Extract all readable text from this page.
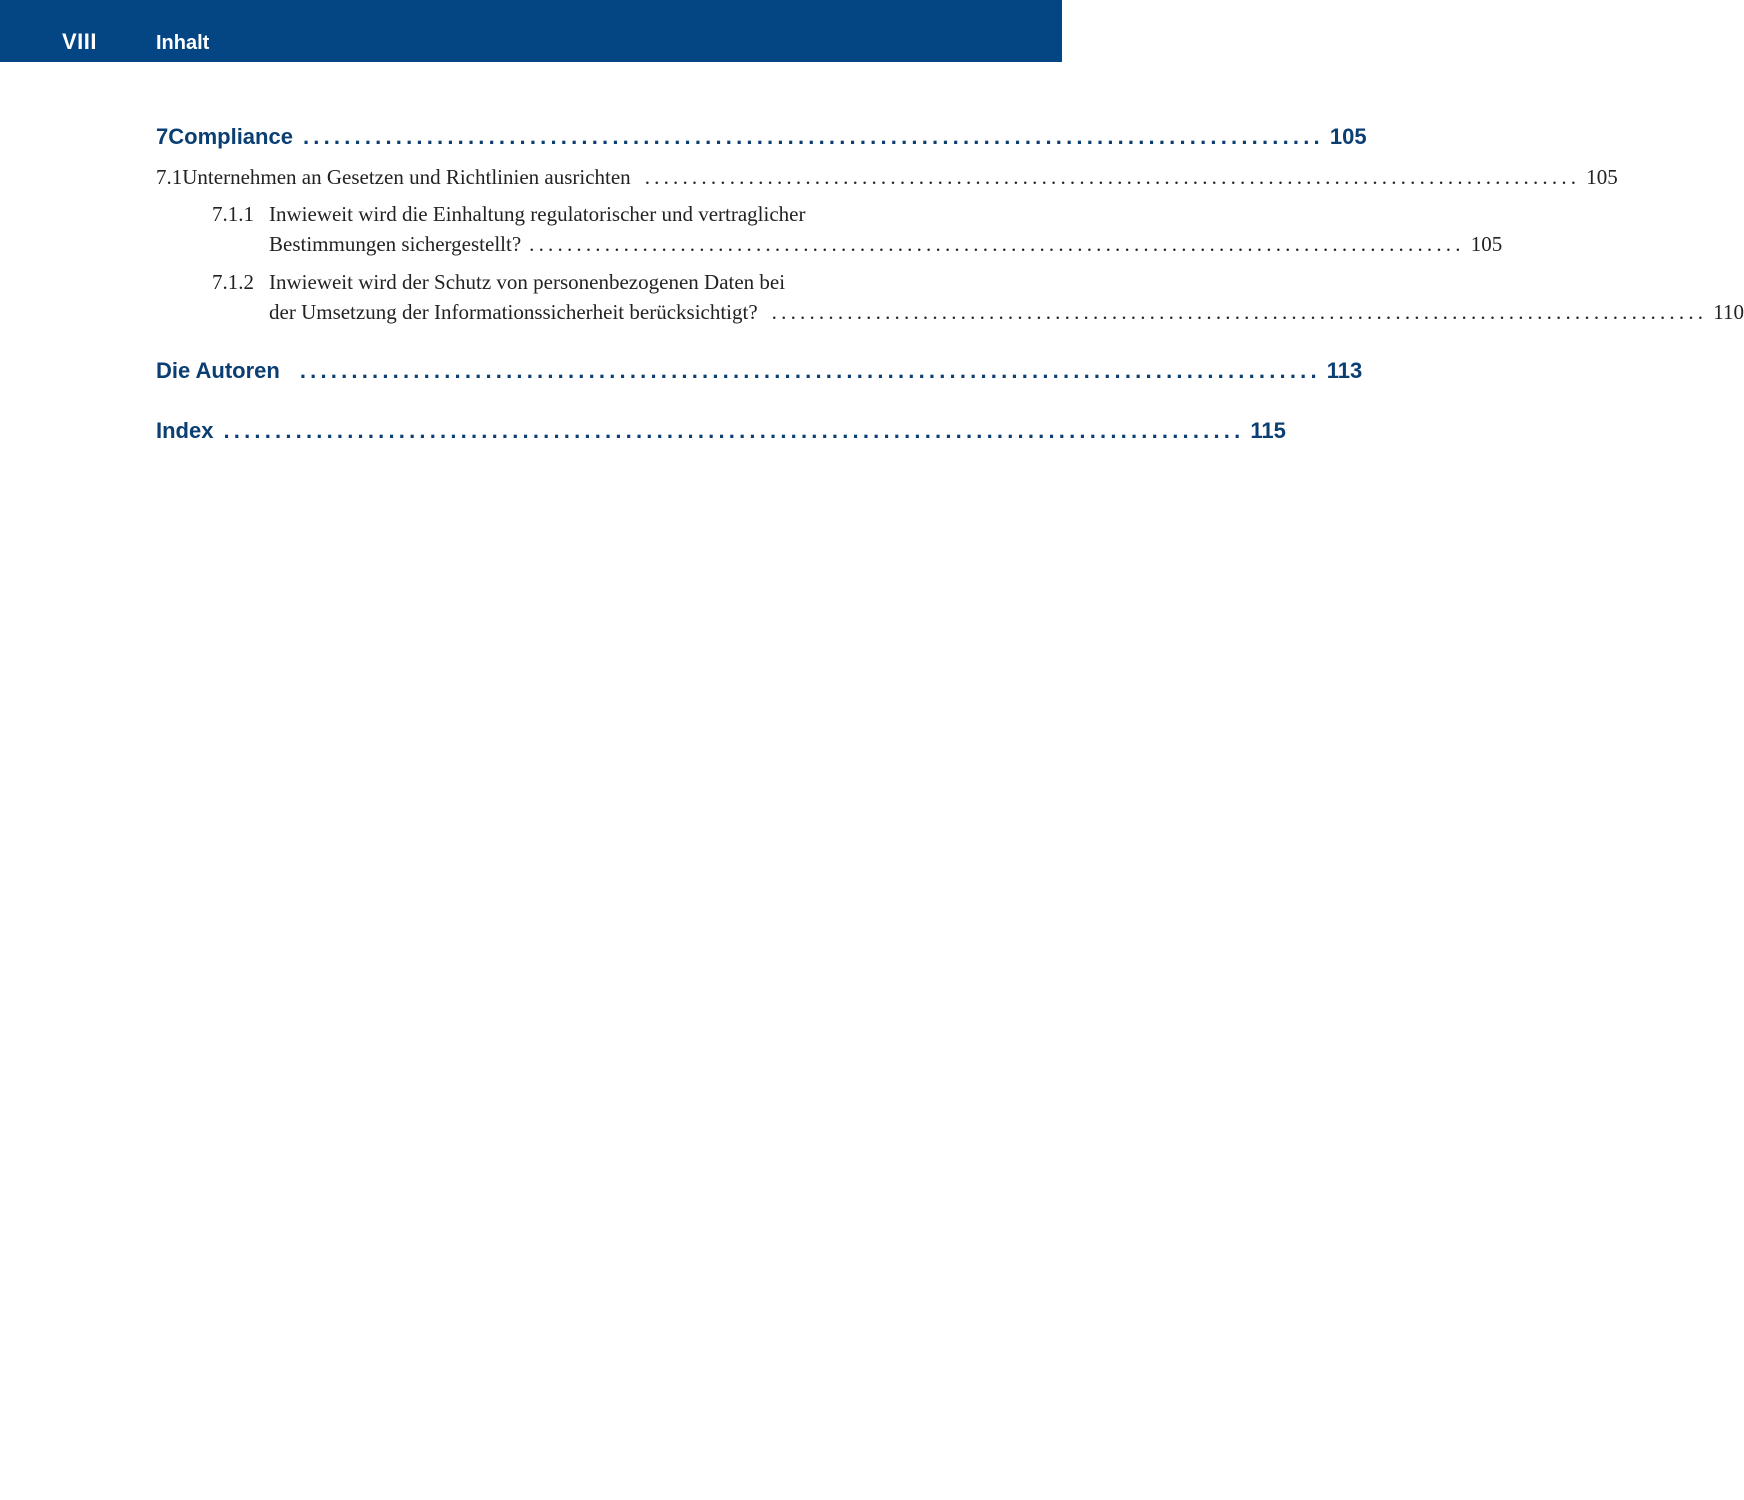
VIII	Inhalt
7 Compliance ................................................................................................... 105
7.1 Unternehmen an Gesetzen und Richtlinien ausrichten ................................................................................................... 105
7.1.1 Inwieweit wird die Einhaltung regulatorischer und vertraglicher
Bestimmungen sichergestellt? ................................................................................................... 105
7.1.2 Inwieweit wird der Schutz von personenbezogenen Daten bei
der Umsetzung der Informationssicherheit berücksichtigt? ................................................................................................... 110
Die Autoren ................................................................................................... 113
Index ................................................................................................... 115
